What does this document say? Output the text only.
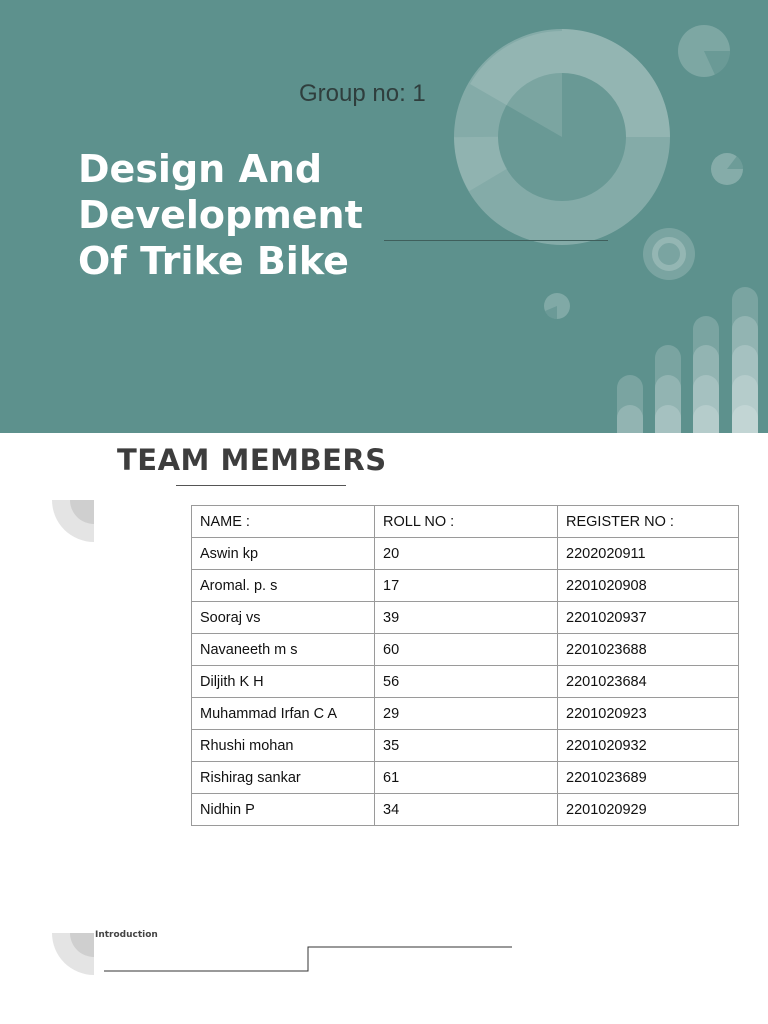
Group no: 1
Design And
Development
Of Trike Bike
TEAM MEMBERS
NAME :	ROLL NO :	REGISTER NO :
Aswin kp	20	2202020911
Aromal. p. s	17	2201020908
Sooraj vs	39	2201020937
Navaneeth m s	60	2201023688
Diljith K H	56	2201023684
Muhammad Irfan C A	29	2201020923
Rhushi mohan	35	2201020932
Rishirag sankar	61	2201023689
Nidhin P	34	2201020929
Introduction
